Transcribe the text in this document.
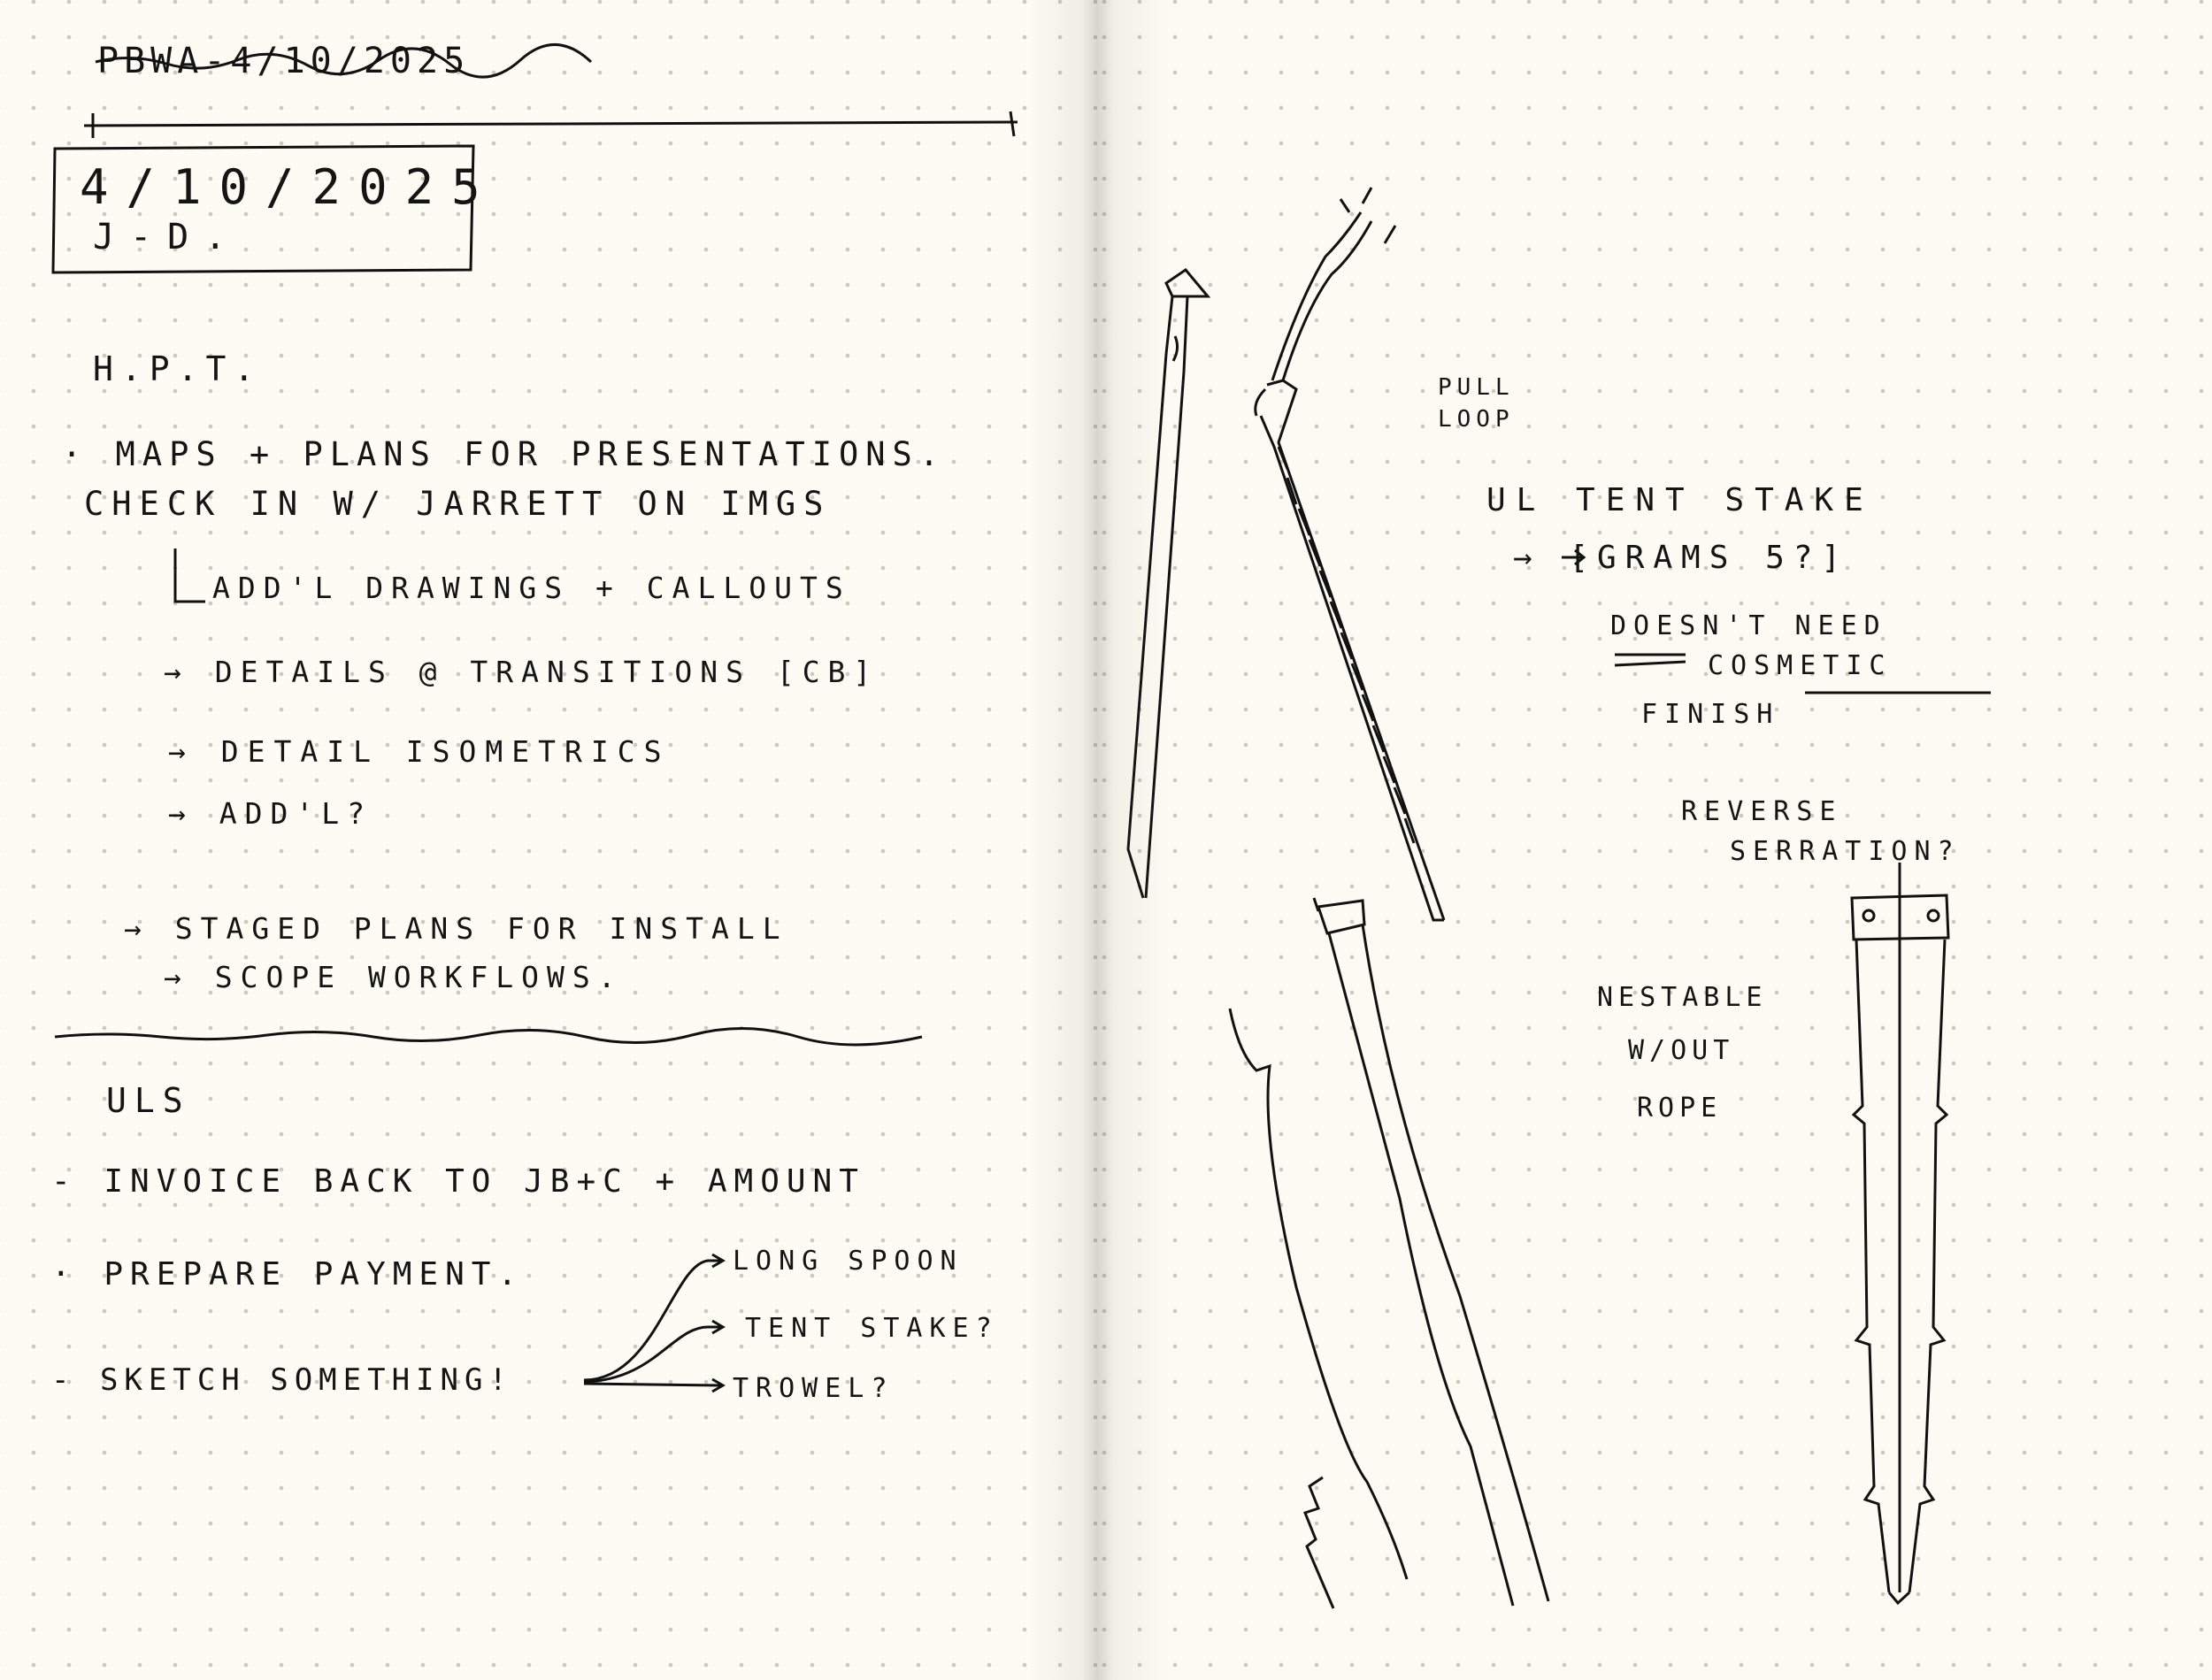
PBWA-4/10/2025
4/10/2025
J-D.
H.P.T.
· MAPS + PLANS FOR PRESENTATIONS.
CHECK IN W/ JARRETT ON IMGS
ADD'L DRAWINGS + CALLOUTS
→ DETAILS @ TRANSITIONS [CB]
→ DETAIL ISOMETRICS
→ ADD'L?
→ STAGED PLANS FOR INSTALL
→ SCOPE WORKFLOWS.
ULS
- INVOICE BACK TO JB+C + AMOUNT
· PREPARE PAYMENT.
- SKETCH SOMETHING!
LONG SPOON
TENT STAKE?
TROWEL?
PULL LOOP
UL TENT STAKE
→ [GRAMS 5?]
DOESN'T NEED
COSMETIC
FINISH
REVERSE
SERRATION?
NESTABLE
W/OUT
ROPE
